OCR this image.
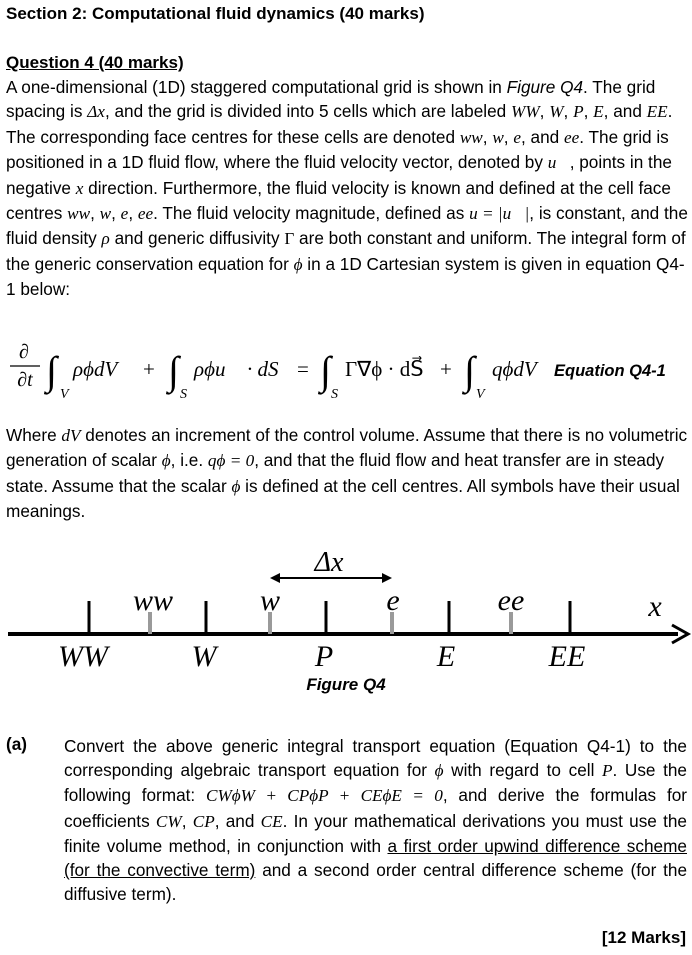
Section 2: Computational fluid dynamics (40 marks)
Question 4 (40 marks)
A one-dimensional (1D) staggered computational grid is shown in Figure Q4. The grid spacing is Δx, and the grid is divided into 5 cells which are labeled WW, W, P, E, and EE. The corresponding face centres for these cells are denoted ww, w, e, and ee. The grid is positioned in a 1D fluid flow, where the fluid velocity vector, denoted by u⃗, points in the negative x direction. Furthermore, the fluid velocity is known and defined at the cell face centres ww, w, e, ee. The fluid velocity magnitude, defined as u = |u⃗|, is constant, and the fluid density ρ and generic diffusivity Γ are both constant and uniform. The integral form of the generic conservation equation for ϕ in a 1D Cartesian system is given in equation Q4-1 below:
∂
∂t ∫
V
ρϕdV + ∫
S
ρϕu⃗ · dS⃗ = ∫
S
Γ∇ϕ · dS⃗ + ∫
V
qϕdV Equation Q4-1
Where dV denotes an increment of the control volume. Assume that there is no volumetric generation of scalar ϕ, i.e. qϕ = 0, and that the fluid flow and heat transfer are in steady state. Assume that the scalar ϕ is defined at the cell centres. All symbols have their usual meanings.
Δx
x
ww	w	e	ee
WW	W	P	E	EE
Figure Q4
(a) Convert the above generic integral transport equation (Equation Q4-1) to the corresponding algebraic transport equation for ϕ with regard to cell P. Use the following format: CWϕW + CPϕP + CEϕE = 0, and derive the formulas for coefficients CW, CP, and CE. In your mathematical derivations you must use the finite volume method, in conjunction with a first order upwind difference scheme (for the convective term) and a second order central difference scheme (for the diffusive term).
[12 Marks]
